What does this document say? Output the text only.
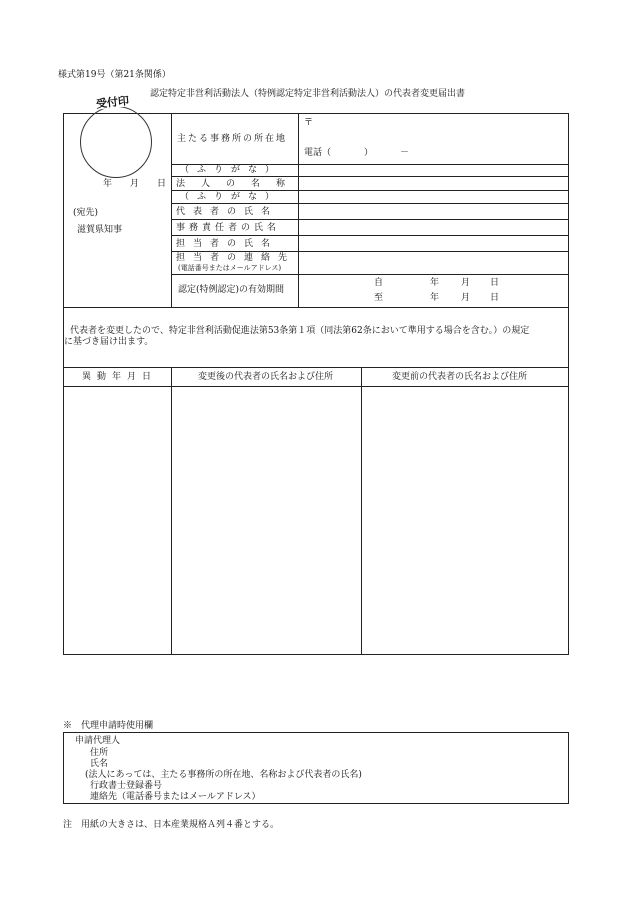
様式第19号（第21条関係）
認定特定非営利活動法人（特例認定特定非営利活動法人）の代表者変更届出書
受付印
年 月 日
(宛先)
滋賀県知事
主たる事務所の所在地
〒
電話（	）	－
（ふりがな）
法人の名称
（ふりがな）
代表者の氏名
事務責任者の氏名
担当者の氏名
担当者の連絡先
(電話番号またはメールアドレス)
認定(特例認定)の有効期間
自	年 月 日
至	年 月 日
代表者を変更したので、特定非営利活動促進法第53条第１項（同法第62条において準用する場合を含む。）の規定
に基づき届け出ます。
異動年月日	変更後の代表者の氏名および住所	変更前の代表者の氏名および住所
※　代理申請時使用欄
申請代理人
住所
氏名
(法人にあっては、主たる事務所の所在地、名称および代表者の氏名)
行政書士登録番号
連絡先（電話番号またはメールアドレス）
注　用紙の大きさは、日本産業規格Ａ列４番とする。
